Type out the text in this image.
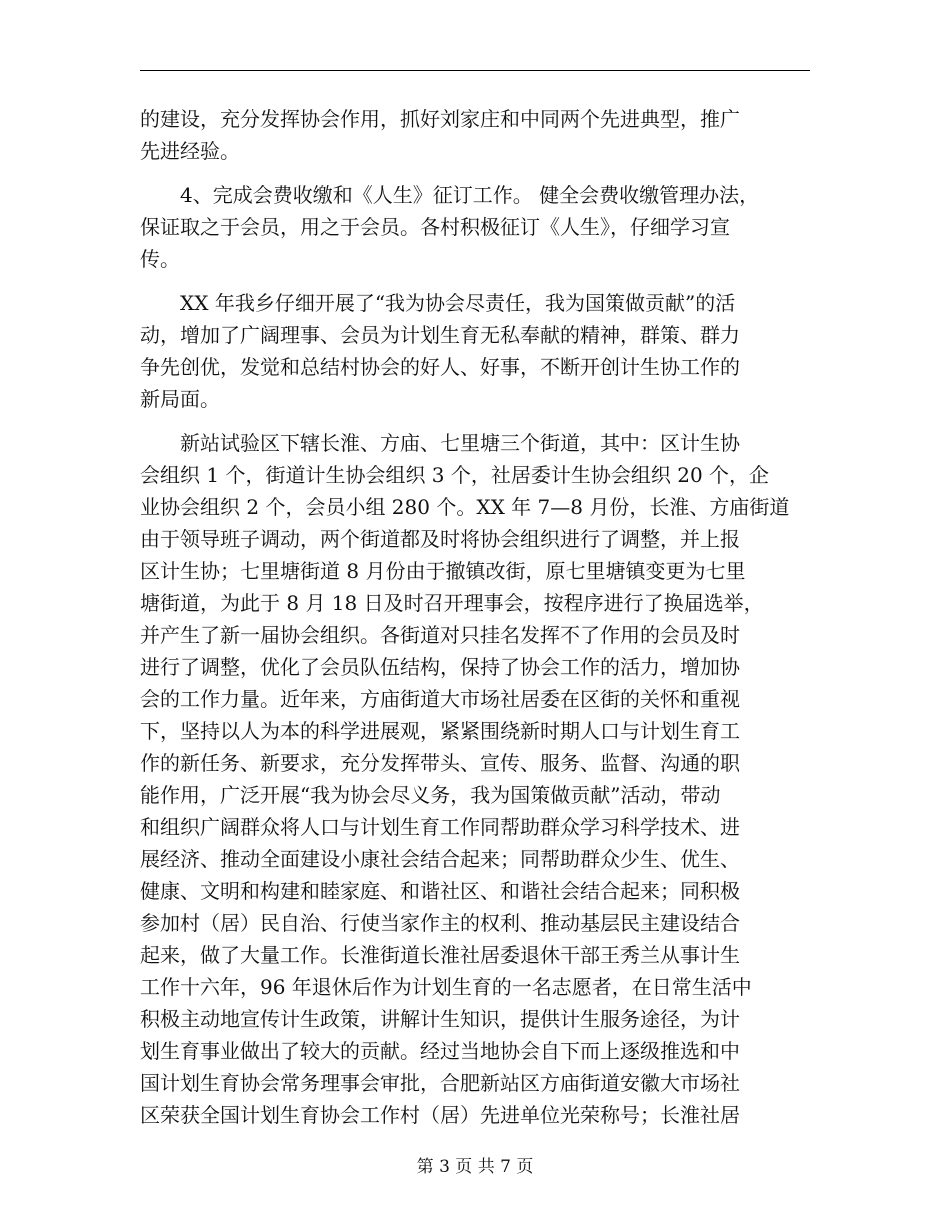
的建设，充分发挥协会作用，抓好刘家庄和中同两个先进典型，推广
先进经验。
4、完成会费收缴和《人生》征订工作。 健全会费收缴管理办法，
保证取之于会员，用之于会员。各村积极征订《人生》，仔细学习宣
传。
XX 年我乡仔细开展了“我为协会尽责任，我为国策做贡献”的活
动，增加了广阔理事、会员为计划生育无私奉献的精神，群策、群力
争先创优，发觉和总结村协会的好人、好事，不断开创计生协工作的
新局面。
新站试验区下辖长淮、方庙、七里塘三个街道，其中：区计生协
会组织 1 个，街道计生协会组织 3 个，社居委计生协会组织 20 个，企
业协会组织 2 个，会员小组 280 个。XX 年 7—8 月份，长淮、方庙街道
由于领导班子调动，两个街道都及时将协会组织进行了调整，并上报
区计生协；七里塘街道 8 月份由于撤镇改街，原七里塘镇变更为七里
塘街道，为此于 8 月 18 日及时召开理事会，按程序进行了换届选举，
并产生了新一届协会组织。各街道对只挂名发挥不了作用的会员及时
进行了调整，优化了会员队伍结构，保持了协会工作的活力，增加协
会的工作力量。近年来，方庙街道大市场社居委在区街的关怀和重视
下，坚持以人为本的科学进展观，紧紧围绕新时期人口与计划生育工
作的新任务、新要求，充分发挥带头、宣传、服务、监督、沟通的职
能作用，广泛开展“我为协会尽义务，我为国策做贡献”活动，带动
和组织广阔群众将人口与计划生育工作同帮助群众学习科学技术、进
展经济、推动全面建设小康社会结合起来；同帮助群众少生、优生、
健康、文明和构建和睦家庭、和谐社区、和谐社会结合起来；同积极
参加村（居）民自治、行使当家作主的权利、推动基层民主建设结合
起来，做了大量工作。长淮街道长淮社居委退休干部王秀兰从事计生
工作十六年，96 年退休后作为计划生育的一名志愿者，在日常生活中
积极主动地宣传计生政策，讲解计生知识，提供计生服务途径，为计
划生育事业做出了较大的贡献。经过当地协会自下而上逐级推选和中
国计划生育协会常务理事会审批，合肥新站区方庙街道安徽大市场社
区荣获全国计划生育协会工作村（居）先进单位光荣称号；长淮社居
第 3 页 共 7 页
